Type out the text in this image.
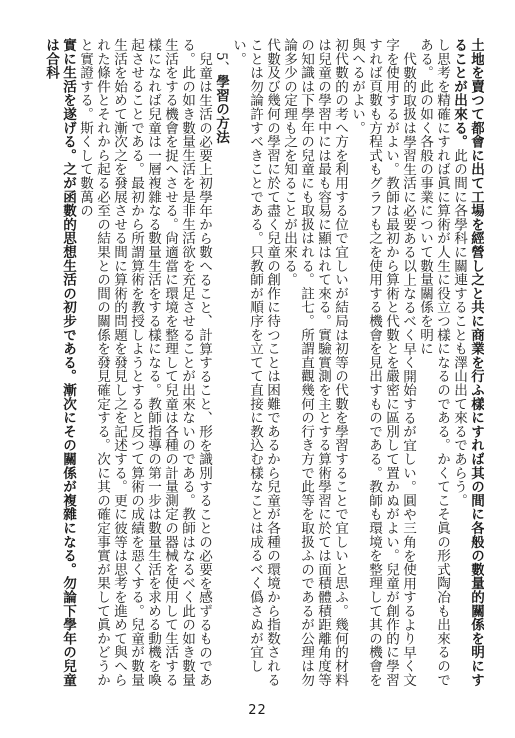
土地を賣つて都會に出て工場を經營し之と共に商業を行ふ樣にすれば其の間に各般の數量的關係を明にすることが出來る。此の間に各學科に關連することも澤山出て來るであらう。

し思考を精確にすれば眞に算術が人生に役立つ樣になるのである。かくてこそ眞の形式陶冶も出來るのである。此の如く各般の事業について數量關係を明に

代數的取扱は學習生活に必要ある以上なるべく早く開始するが宜しい。圓や三角を使用するより早く文字を使用するがよい。教師は最初から算術と代數とを嚴密に區別して置かぬがよい。兒童が創作的に學習すれば頁數も方程式もグラフも之を使用する機會を見出すものである。教師も環境を整理して其の機會を與へるがよい。

初代數的の考へ方を利用する位で宜しいが結局は初等の代數を學習することで宜しいと思ふ。幾何的材料は兒童の學習中には最も容易に顯はれて來る。實驗實測を主とする算術學習に於ては面積體積距離角度等の知識は下學年の兒童にも取扱はれる。註七。所謂直觀幾何の行き方で此等を取扱ふのであるが公理は勿論多少の定理も之を知ることが出來る。

代數及び幾何の學習に於て盡く兒童の創作に待つことは困難であるから兒童が各種の環境から指数されることは勿論許すべきことである。只教師が順序を立てて直接に教込む樣なことは成るべく僞さぬが宜しい。

5、學習の方法

兒童は生活の必要上初學年から數へること、計算すること、形を識別することの必要を感ずるものである。此の如き數量生活を是非生活欲を充足させることが出來ないのである。教師はなるべく此の如き數量生活をする機會を捉へさせる。尙適當に環境を整理して兒童は各種の計量測定の器械を使用して生活する樣になれば兒童は一層複雜なる數量生活をする樣になる。教師指導の第一步は數量生活を求める動機を喚起させることである。最初から所謂算術を教授しようとすると反つて算術の成績を惡くする。兒童が數量生活を始めて漸次之を發展させる間に算術的問題を發見し之を記述する。更に彼等は思考を進めて與へられた條件とそれから起る必至の結果との間の關係を發見確定する。次に其の確定事實が果して眞かどうかと實證する。斯くして數萬の

實に生活を遂げる。之が函數的思想生活の初步である。漸次にその關係が複雜になる。勿論下學年の兒童は合科

22
